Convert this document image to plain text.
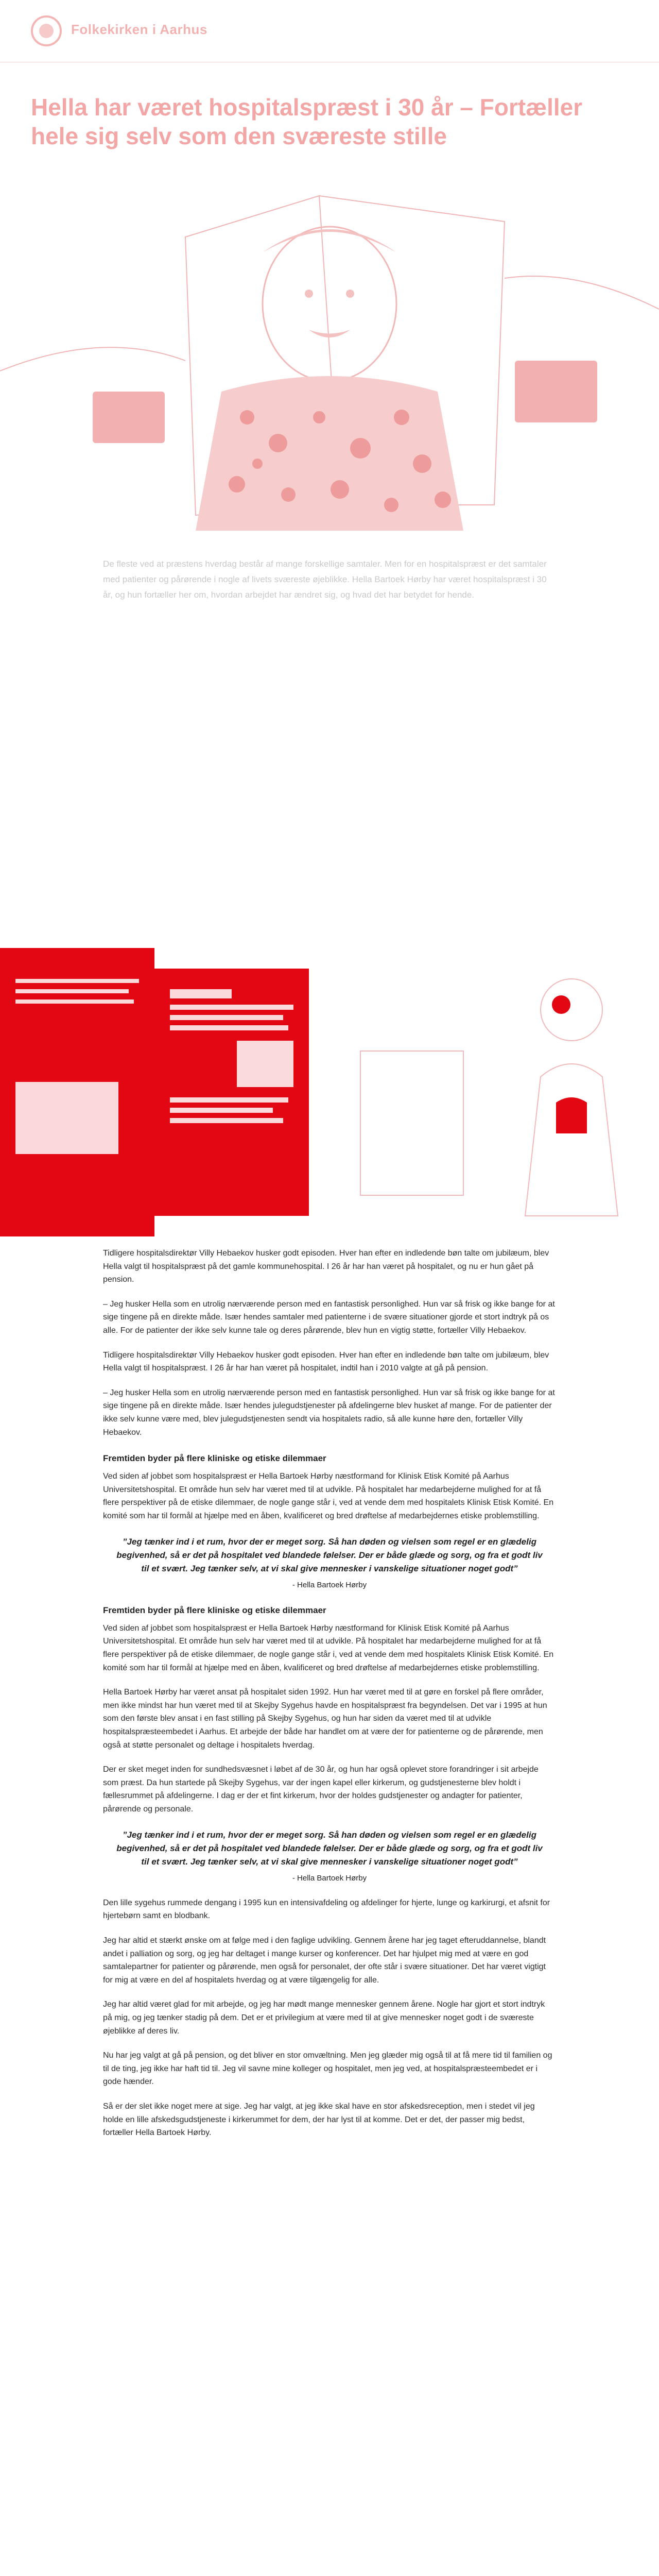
Folkekirken i Aarhus
Hella har været hospitalspræst i 30 år – Fortæller hele sig selv som den sværeste stille

De fleste ved at præstens hverdag består af mange forskellige samtaler. Men for en hospitalspræst er det samtaler med patienter og pårørende i nogle af livets sværeste øjeblikke. Hella Bartoek Hørby har været hospitalspræst i 30 år, og hun fortæller her om, hvordan arbejdet har ændret sig, og hvad det har betydet for hende.

Tidligere hospitalsdirektør Villy Hebaekov husker godt episoden. Hver han efter en indledende bøn talte om jubilæum, blev Hella valgt til hospitalspræst på det gamle kommunehospital. I 26 år har han været på hospitalet, og nu er hun gået på pension.

– Jeg husker Hella som en utrolig nærværende person med en fantastisk personlighed. Hun var så frisk og ikke bange for at sige tingene på en direkte måde. Især hendes samtaler med patienterne i de svære situationer gjorde et stort indtryk på os alle. For de patienter der ikke selv kunne tale og deres pårørende, blev hun en vigtig støtte, fortæller Villy Hebaekov.

Tidligere hospitalsdirektør Villy Hebaekov husker godt episoden. Hver han efter en indledende bøn talte om jubilæum, blev Hella valgt til hospitalspræst. I 26 år har han været på hospitalet, indtil han i 2010 valgte at gå på pension.

– Jeg husker Hella som en utrolig nærværende person med en fantastisk personlighed. Hun var så frisk og ikke bange for at sige tingene på en direkte måde. Især hendes julegudstjenester på afdelingerne blev husket af mange. For de patienter der ikke selv kunne være med, blev julegudstjenesten sendt via hospitalets radio, så alle kunne høre den, fortæller Villy Hebaekov.

Fremtiden byder på flere kliniske og etiske dilemmaer

Ved siden af jobbet som hospitalspræst er Hella Bartoek Hørby næstformand for Klinisk Etisk Komité på Aarhus Universitetshospital. Et område hun selv har været med til at udvikle. På hospitalet har medarbejderne mulighed for at få flere perspektiver på de etiske dilemmaer, de nogle gange står i, ved at vende dem med hospitalets Klinisk Etisk Komité. En komité som har til formål at hjælpe med en åben, kvalificeret og bred drøftelse af medarbejdernes etiske problemstilling.

”Jeg tænker ind i et rum, hvor der er meget sorg. Så han døden og vielsen som regel er en glædelig begivenhed, så er det på hospitalet ved blandede følelser. Der er både glæde og sorg, og fra et godt liv til et svært. Jeg tænker selv, at vi skal give mennesker i vanskelige situationer noget godt”
- Hella Bartoek Hørby
Fremtiden byder på flere kliniske og etiske dilemmaer

Ved siden af jobbet som hospitalspræst er Hella Bartoek Hørby næstformand for Klinisk Etisk Komité på Aarhus Universitetshospital. Et område hun selv har været med til at udvikle. På hospitalet har medarbejderne mulighed for at få flere perspektiver på de etiske dilemmaer, de nogle gange står i, ved at vende dem med hospitalets Klinisk Etisk Komité. En komité som har til formål at hjælpe med en åben, kvalificeret og bred drøftelse af medarbejdernes etiske problemstilling.

Hella Bartoek Hørby har været ansat på hospitalet siden 1992. Hun har været med til at gøre en forskel på flere områder, men ikke mindst har hun været med til at Skejby Sygehus havde en hospitalspræst fra begyndelsen. Det var i 1995 at hun som den første blev ansat i en fast stilling på Skejby Sygehus, og hun har siden da været med til at udvikle hospitalspræsteembedet i Aarhus. Et arbejde der både har handlet om at være der for patienterne og de pårørende, men også at støtte personalet og deltage i hospitalets hverdag.

Der er sket meget inden for sundhedsvæsnet i løbet af de 30 år, og hun har også oplevet store forandringer i sit arbejde som præst. Da hun startede på Skejby Sygehus, var der ingen kapel eller kirkerum, og gudstjenesterne blev holdt i fællesrummet på afdelingerne. I dag er der et fint kirkerum, hvor der holdes gudstjenester og andagter for patienter, pårørende og personale.

”Jeg tænker ind i et rum, hvor der er meget sorg. Så han døden og vielsen som regel er en glædelig begivenhed, så er det på hospitalet ved blandede følelser. Der er både glæde og sorg, og fra et godt liv til et svært. Jeg tænker selv, at vi skal give mennesker i vanskelige situationer noget godt”
- Hella Bartoek Hørby

Den lille sygehus rummede dengang i 1995 kun en intensivafdeling og afdelinger for hjerte, lunge og karkirurgi, et afsnit for hjertebørn samt en blodbank.

Jeg har altid et stærkt ønske om at følge med i den faglige udvikling. Gennem årene har jeg taget efteruddannelse, blandt andet i palliation og sorg, og jeg har deltaget i mange kurser og konferencer. Det har hjulpet mig med at være en god samtalepartner for patienter og pårørende, men også for personalet, der ofte står i svære situationer. Det har været vigtigt for mig at være en del af hospitalets hverdag og at være tilgængelig for alle.

Jeg har altid været glad for mit arbejde, og jeg har mødt mange mennesker gennem årene. Nogle har gjort et stort indtryk på mig, og jeg tænker stadig på dem. Det er et privilegium at være med til at give mennesker noget godt i de sværeste øjeblikke af deres liv.

Nu har jeg valgt at gå på pension, og det bliver en stor omvæltning. Men jeg glæder mig også til at få mere tid til familien og til de ting, jeg ikke har haft tid til. Jeg vil savne mine kolleger og hospitalet, men jeg ved, at hospitalspræsteembedet er i gode hænder.

Så er der slet ikke noget mere at sige. Jeg har valgt, at jeg ikke skal have en stor afskedsreception, men i stedet vil jeg holde en lille afskedsgudstjeneste i kirkerummet for dem, der har lyst til at komme. Det er det, der passer mig bedst, fortæller Hella Bartoek Hørby.
